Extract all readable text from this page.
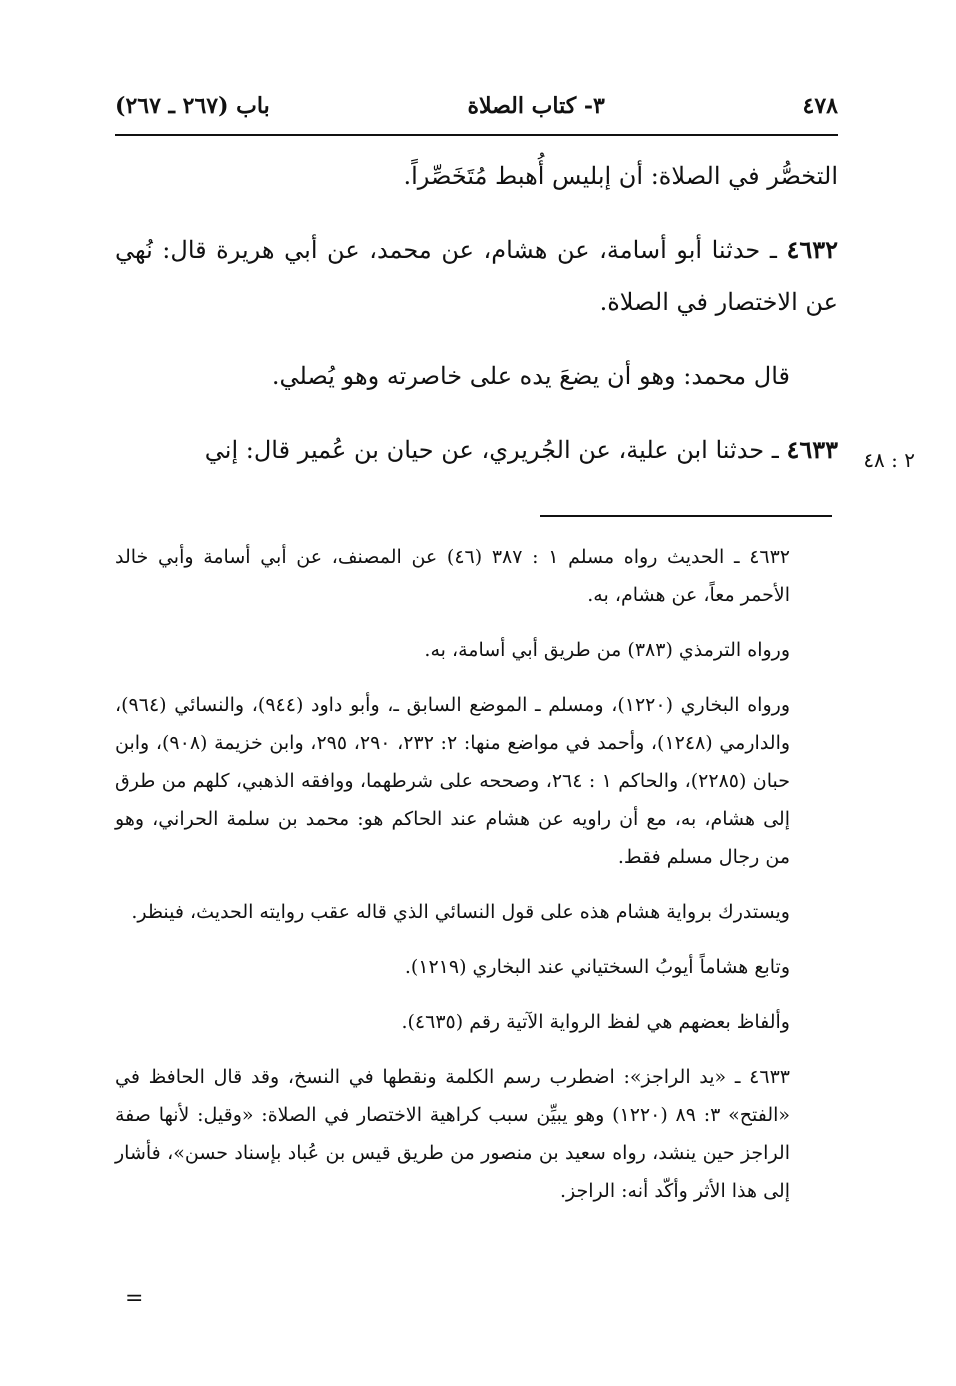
٤٧٨
٣- كتاب الصلاة
باب (٢٦٧ ـ ٢٦٧)

التخصُّر في الصلاة: أن إبليس أُهبط مُتَخَصِّراً.

٤٦٣٢ ـ حدثنا أبو أسامة، عن هشام، عن محمد، عن أبي هريرة قال: نُهي عن الاختصار في الصلاة.

قال محمد: وهو أن يضعَ يده على خاصرته وهو يُصلي.

٤٦٣٣ ـ حدثنا ابن علية، عن الجُريري، عن حيان بن عُمير قال: إني	٢ : ٤٨

٤٦٣٢ ـ الحديث رواه مسلم ١ : ٣٨٧ (٤٦) عن المصنف، عن أبي أسامة وأبي خالد الأحمر معاً، عن هشام، به.

ورواه الترمذي (٣٨٣) من طريق أبي أسامة، به.

ورواه البخاري (١٢٢٠)، ومسلم ـ الموضع السابق ـ، وأبو داود (٩٤٤)، والنسائي (٩٦٤)، والدارمي (١٢٤٨)، وأحمد في مواضع منها: ٢: ٢٣٢، ٢٩٠، ٢٩٥، وابن خزيمة (٩٠٨)، وابن حبان (٢٢٨٥)، والحاكم ١ : ٢٦٤، وصححه على شرطهما، ووافقه الذهبي، كلهم من طرق إلى هشام، به، مع أن راويه عن هشام عند الحاكم هو: محمد بن سلمة الحراني، وهو من رجال مسلم فقط.

ويستدرك برواية هشام هذه على قول النسائي الذي قاله عقب روايته الحديث، فينظر.

وتابع هشاماً أيوبُ السختياني عند البخاري (١٢١٩).

وألفاظ بعضهم هي لفظ الرواية الآتية رقم (٤٦٣٥).

٤٦٣٣ ـ «يد الراجز»: اضطرب رسم الكلمة ونقطها في النسخ، وقد قال الحافظ في «الفتح» ٣: ٨٩ (١٢٢٠) وهو يبيِّن سبب كراهية الاختصار في الصلاة: «وقيل: لأنها صفة الراجز حين ينشد، رواه سعيد بن منصور من طريق قيس بن عُباد بإسناد حسن»، فأشار إلى هذا الأثر وأكّد أنه: الراجز.

=
